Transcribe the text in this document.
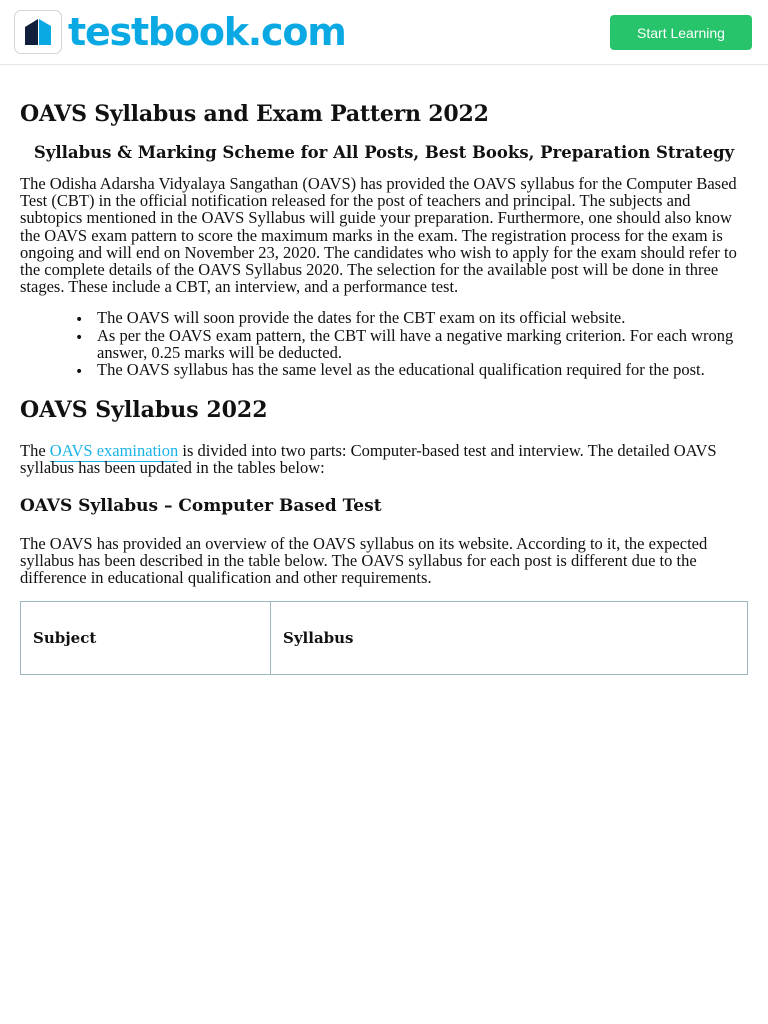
testbook.com	Start Learning
OAVS Syllabus and Exam Pattern 2022
Syllabus & Marking Scheme for All Posts, Best Books, Preparation Strategy

The Odisha Adarsha Vidyalaya Sangathan (OAVS) has provided the OAVS syllabus for the Computer Based Test (CBT) in the official notification released for the post of teachers and principal. The subjects and subtopics mentioned in the OAVS Syllabus will guide your preparation. Furthermore, one should also know the OAVS exam pattern to score the maximum marks in the exam. The registration process for the exam is ongoing and will end on November 23, 2020. The candidates who wish to apply for the exam should refer to the complete details of the OAVS Syllabus 2020. The selection for the available post will be done in three stages. These include a CBT, an interview, and a performance test.

• The OAVS will soon provide the dates for the CBT exam on its official website.
• As per the OAVS exam pattern, the CBT will have a negative marking criterion. For each wrong answer, 0.25 marks will be deducted.
• The OAVS syllabus has the same level as the educational qualification required for the post.
OAVS Syllabus 2022

The OAVS examination is divided into two parts: Computer-based test and interview. The detailed OAVS syllabus has been updated in the tables below:

OAVS Syllabus – Computer Based Test

The OAVS has provided an overview of the OAVS syllabus on its website. According to it, the expected syllabus has been described in the table below. The OAVS syllabus for each post is different due to the difference in educational qualification and other requirements.

Subject	Syllabus
